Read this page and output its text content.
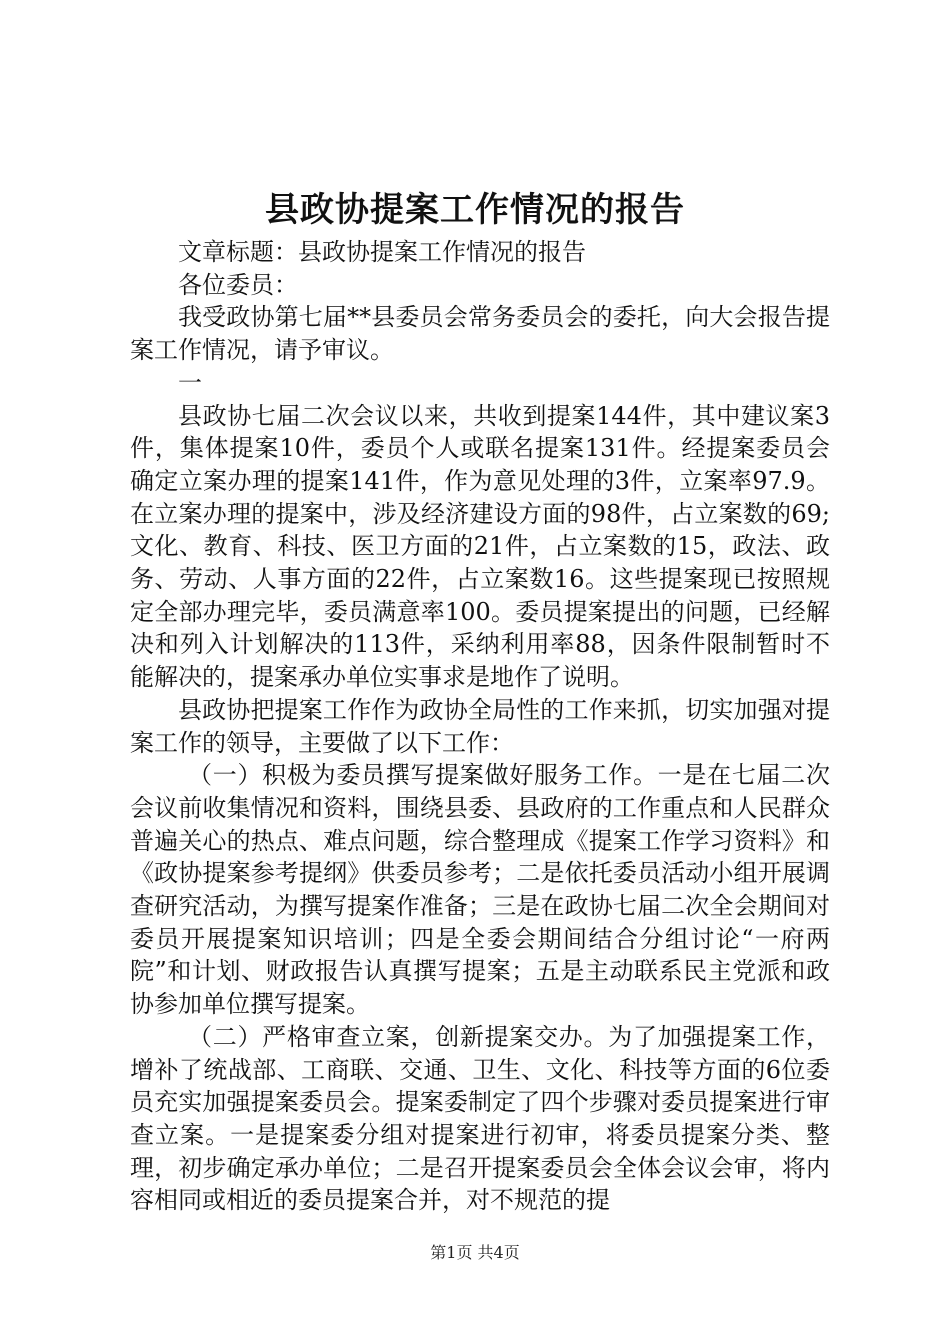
县政协提案工作情况的报告

文章标题：县政协提案工作情况的报告

各位委员：

我受政协第七届**县委员会常务委员会的委托，向大会报告提案工作情况，请予审议。

一

县政协七届二次会议以来，共收到提案144件，其中建议案3件，集体提案10件，委员个人或联名提案131件。经提案委员会确定立案办理的提案141件，作为意见处理的3件，立案率97.9。在立案办理的提案中，涉及经济建设方面的98件，占立案数的69;文化、教育、科技、医卫方面的21件，占立案数的15，政法、政务、劳动、人事方面的22件，占立案数16。这些提案现已按照规定全部办理完毕，委员满意率100。委员提案提出的问题，已经解决和列入计划解决的113件，采纳利用率88，因条件限制暂时不能解决的，提案承办单位实事求是地作了说明。

县政协把提案工作作为政协全局性的工作来抓，切实加强对提案工作的领导，主要做了以下工作：

（一）积极为委员撰写提案做好服务工作。一是在七届二次会议前收集情况和资料，围绕县委、县政府的工作重点和人民群众普遍关心的热点、难点问题，综合整理成《提案工作学习资料》和《政协提案参考提纲》供委员参考；二是依托委员活动小组开展调查研究活动，为撰写提案作准备；三是在政协七届二次全会期间对委员开展提案知识培训；四是全委会期间结合分组讨论“一府两院”和计划、财政报告认真撰写提案；五是主动联系民主党派和政协参加单位撰写提案。

（二）严格审查立案，创新提案交办。为了加强提案工作，增补了统战部、工商联、交通、卫生、文化、科技等方面的6位委员充实加强提案委员会。提案委制定了四个步骤对委员提案进行审查立案。一是提案委分组对提案进行初审，将委员提案分类、整理，初步确定承办单位；二是召开提案委员会全体会议会审，将内容相同或相近的委员提案合并，对不规范的提

第1页 共4页
